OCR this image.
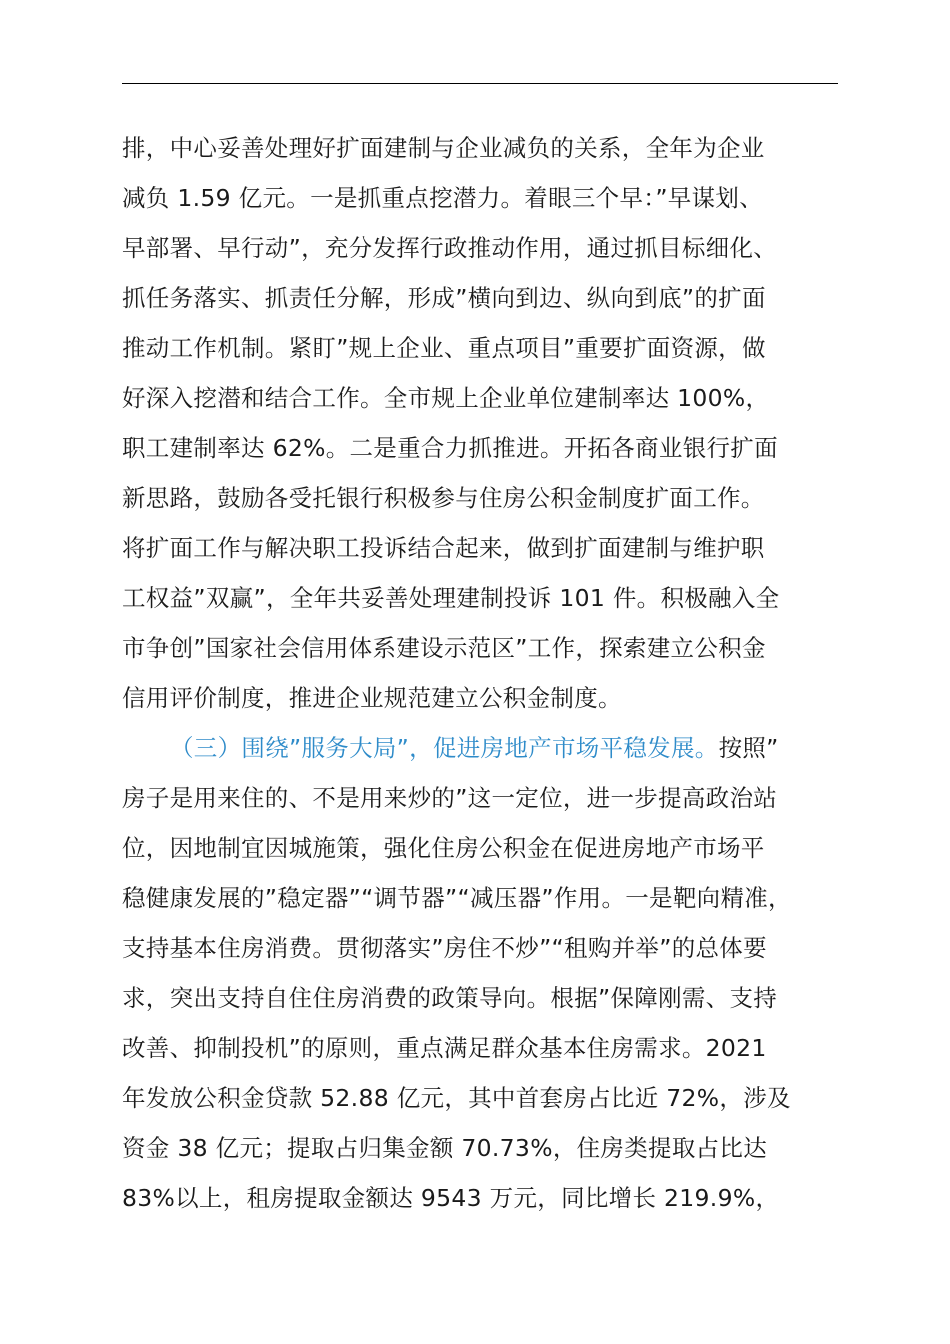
排，中心妥善处理好扩面建制与企业减负的关系，全年为企业
减负 1.59 亿元。一是抓重点挖潜力。着眼三个早：”早谋划、
早部署、早行动”，充分发挥行政推动作用，通过抓目标细化、
抓任务落实、抓责任分解，形成”横向到边、纵向到底”的扩面
推动工作机制。紧盯”规上企业、重点项目”重要扩面资源，做
好深入挖潜和结合工作。全市规上企业单位建制率达 100%，
职工建制率达 62%。二是重合力抓推进。开拓各商业银行扩面
新思路，鼓励各受托银行积极参与住房公积金制度扩面工作。
将扩面工作与解决职工投诉结合起来，做到扩面建制与维护职
工权益”双赢”，全年共妥善处理建制投诉 101 件。积极融入全
市争创”国家社会信用体系建设示范区”工作，探索建立公积金
信用评价制度，推进企业规范建立公积金制度。
（三）围绕”服务大局”，促进房地产市场平稳发展。按照”
房子是用来住的、不是用来炒的”这一定位，进一步提高政治站
位，因地制宜因城施策，强化住房公积金在促进房地产市场平
稳健康发展的”稳定器”“调节器”“减压器”作用。一是靶向精准，
支持基本住房消费。贯彻落实”房住不炒”“租购并举”的总体要
求，突出支持自住住房消费的政策导向。根据”保障刚需、支持
改善、抑制投机”的原则，重点满足群众基本住房需求。2021
年发放公积金贷款 52.88 亿元，其中首套房占比近 72%，涉及
资金 38 亿元；提取占归集金额 70.73%，住房类提取占比达
83%以上，租房提取金额达 9543 万元，同比增长 219.9%，
